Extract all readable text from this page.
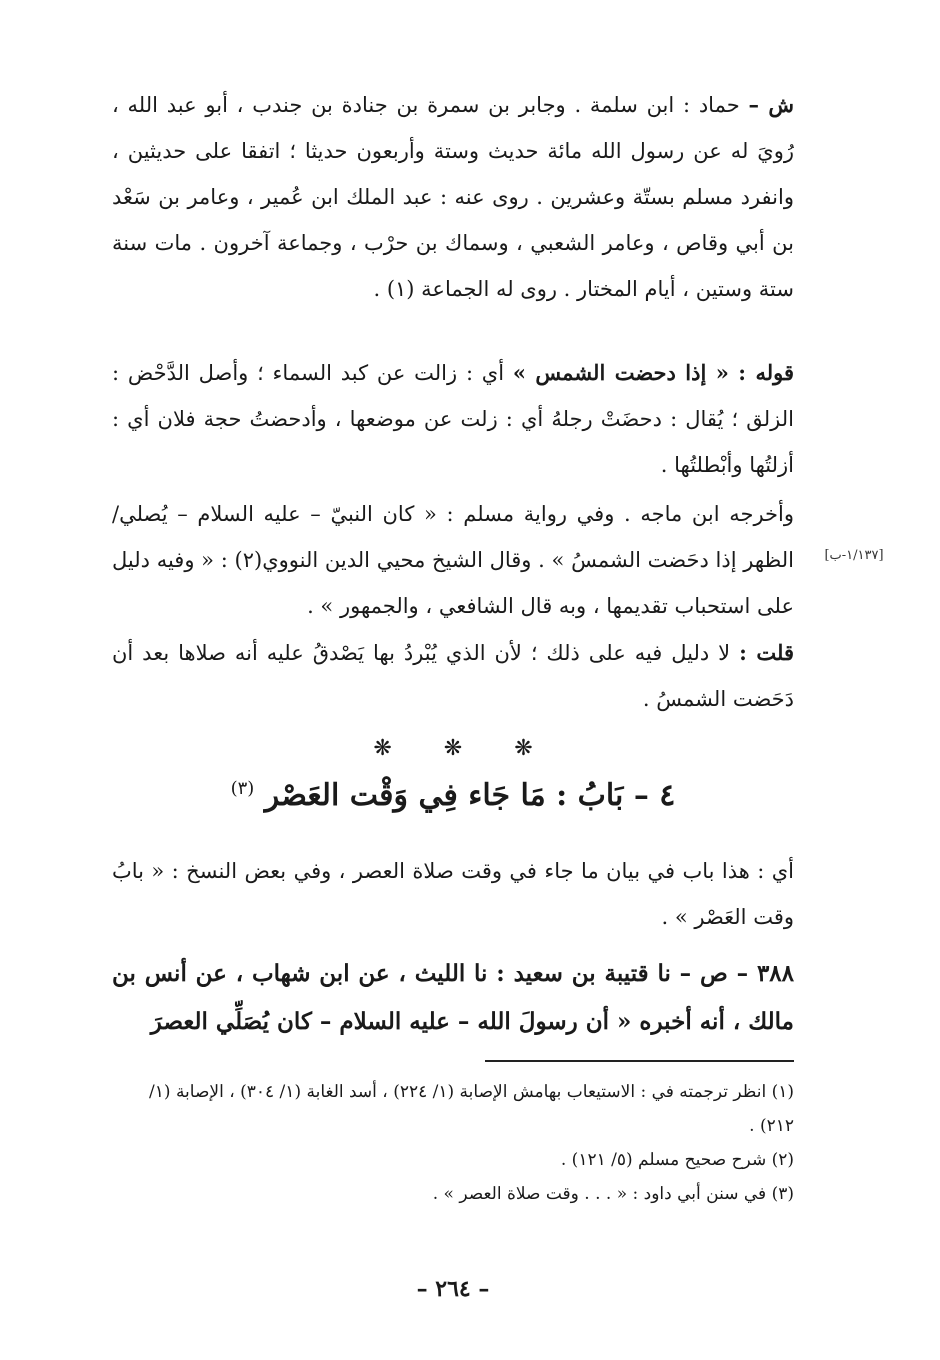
ش – حماد : ابن سلمة . وجابر بن سمرة بن جنادة بن جندب ، أبو عبد الله ، رُويَ له عن رسول الله مائة حديث وستة وأربعون حديثا ؛ اتفقا على حديثين ، وانفرد مسلم بستّة وعشرين . روى عنه : عبد الملك ابن عُمير ، وعامر بن سَعْد بن أبي وقاص ، وعامر الشعبي ، وسماك بن حرْب ، وجماعة آخرون . مات سنة ستة وستين ، أيام المختار . روى له الجماعة (١) .

قوله : « إذا دحضت الشمس » أي : زالت عن كبد السماء ؛ وأصل الدَّحْض : الزلق ؛ يُقال : دحضَتْ رجلهُ أي : زلت عن موضعها ، وأدحضتُ حجة فلان أي : أزلتُها وأبْطلتُها .

وأخرجه ابن ماجه . وفي رواية مسلم : « كان النبيّ – عليه السلام – يُصلي/ الظهر إذا دحَضت الشمسُ » . وقال الشيخ محيي الدين النووي(٢) : « وفيه دليل على استحباب تقديمها ، وبه قال الشافعي ، والجمهور » .

[١/١٣٧-ب]

قلت : لا دليل فيه على ذلك ؛ لأن الذي يُبْردُ بها يَصْدقُ عليه أنه صلاها بعد أن دَحَضت الشمسُ .

❋❋❋
٤ – بَابُ : مَا جَاء فِي وَقْت العَصْر $^{(٣)}$

أي : هذا باب في بيان ما جاء في وقت صلاة العصر ، وفي بعض النسخ : « بابُ وقت العَصْر » .

٣٨٨ – ص – نا قتيبة بن سعيد : نا الليث ، عن ابن شهاب ، عن أنس بن مالك ، أنه أخبره « أن رسولَ الله – عليه السلام – كان يُصَلِّي العصرَ

(١) انظر ترجمته في : الاستيعاب بهامش الإصابة (١/ ٢٢٤) ، أسد الغابة (١/ ٣٠٤) ، الإصابة (١/ ٢١٢) .
(٢) شرح صحيح مسلم (٥/ ١٢١) .
(٣) في سنن أبي داود : « . . . وقت صلاة العصر » .
– ٢٦٤ –
